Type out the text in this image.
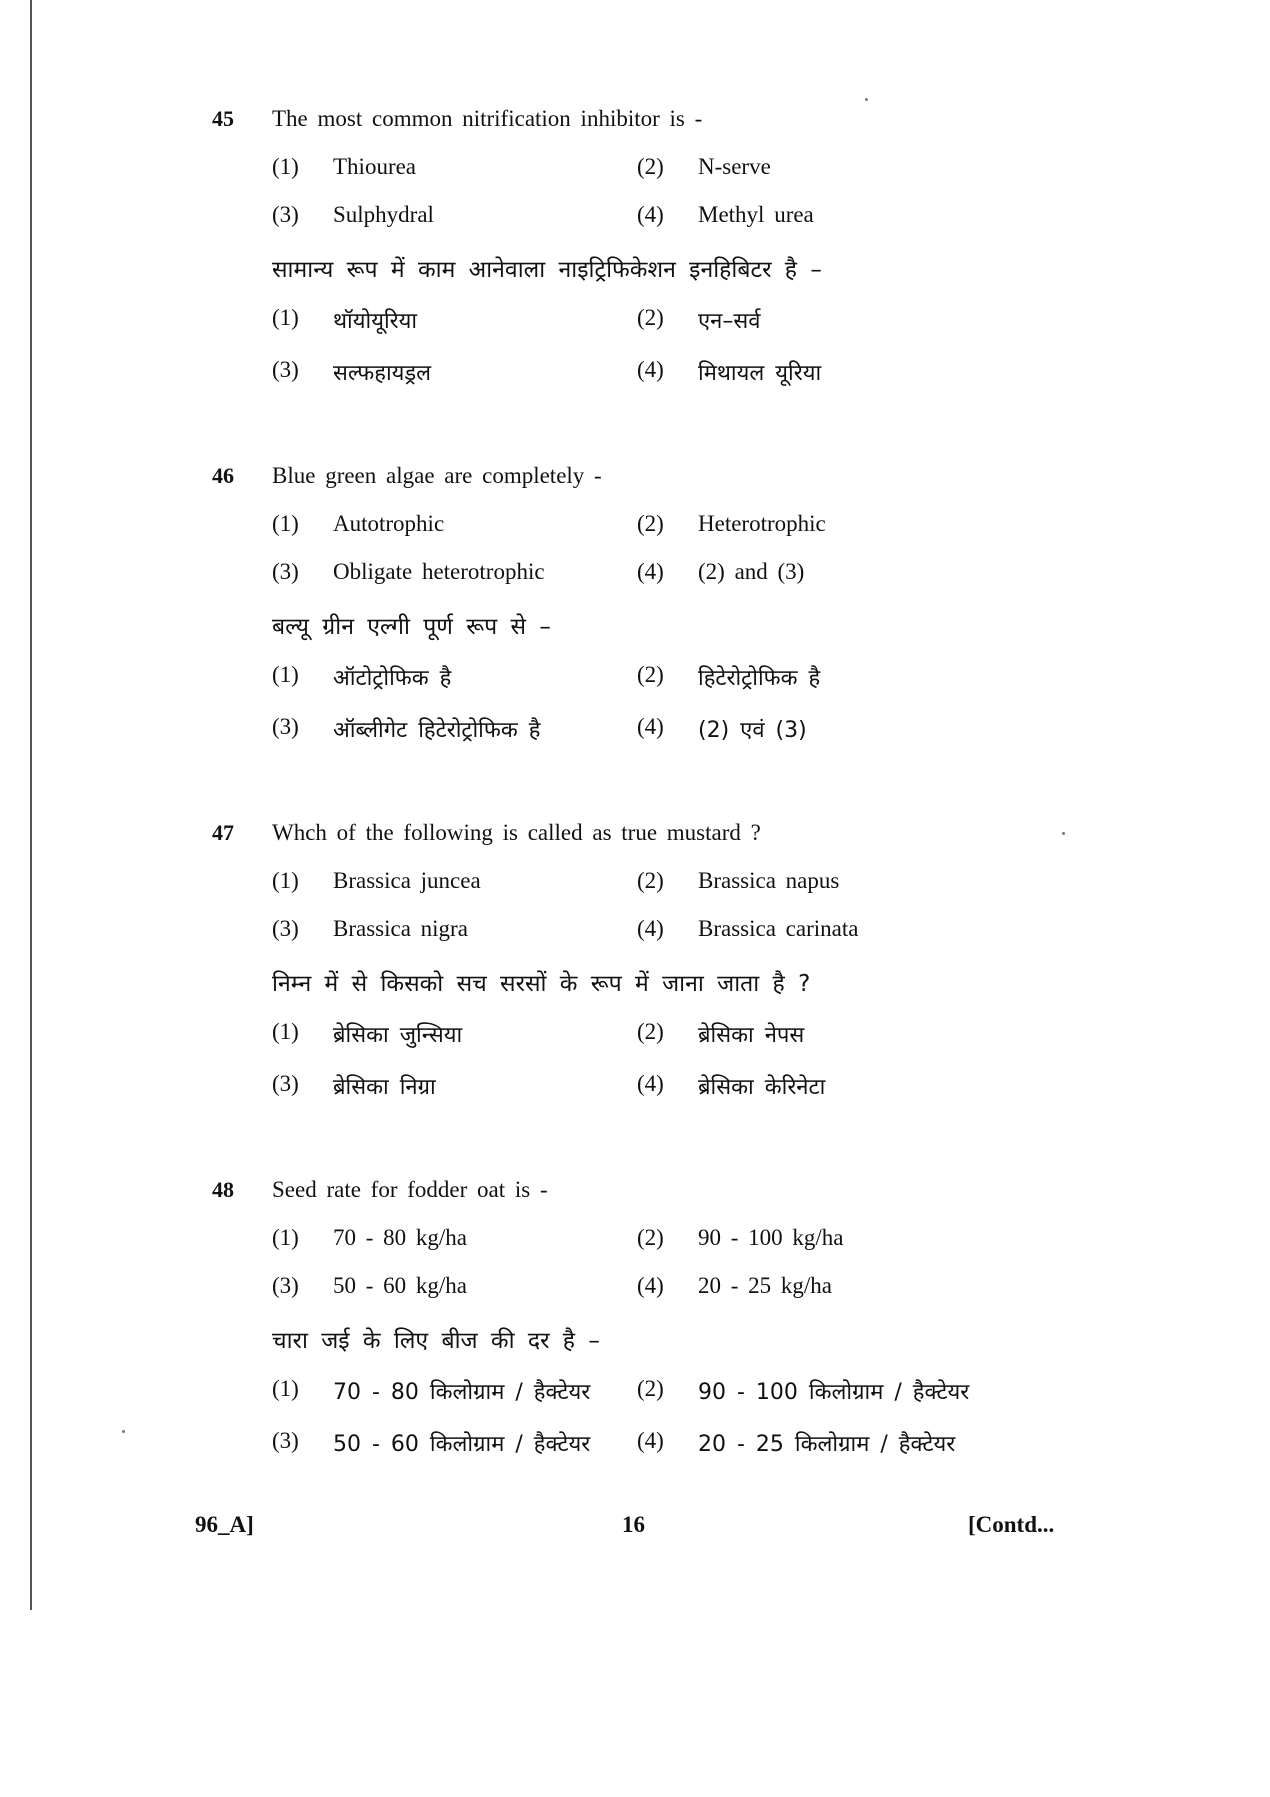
45 The most common nitrification inhibitor is -
(1) Thiourea	(2) N-serve
(3) Sulphydral	(4) Methyl urea
सामान्य रूप में काम आनेवाला नाइट्रिफिकेशन इनहिबिटर है –
(1) थॉयोयूरिया	(2) एन–सर्व
(3) सल्फहायड्रल	(4) मिथायल यूरिया
46 Blue green algae are completely -
(1) Autotrophic	(2) Heterotrophic
(3) Obligate heterotrophic	(4) (2) and (3)
बल्यू ग्रीन एल्गी पूर्ण रूप से –
(1) ऑटोट्रोफिक है	(2) हिटेरोट्रोफिक है
(3) ऑब्लीगेट हिटेरोट्रोफिक है	(4) (2) एवं (3)
47 Whch of the following is called as true mustard ?
(1) Brassica juncea	(2) Brassica napus
(3) Brassica nigra	(4) Brassica carinata
निम्न में से किसको सच सरसों के रूप में जाना जाता है ?
(1) ब्रेसिका जुन्सिया	(2) ब्रेसिका नेपस
(3) ब्रेसिका निग्रा	(4) ब्रेसिका केरिनेटा
48 Seed rate for fodder oat is -
(1) 70 - 80 kg/ha	(2) 90 - 100 kg/ha
(3) 50 - 60 kg/ha	(4) 20 - 25 kg/ha
चारा जई के लिए बीज की दर है –
(1) 70 - 80 किलोग्राम / हैक्टेयर (2) 90 - 100 किलोग्राम / हैक्टेयर
(3) 50 - 60 किलोग्राम / हैक्टेयर (4) 20 - 25 किलोग्राम / हैक्टेयर
96_A]	16	[Contd...
